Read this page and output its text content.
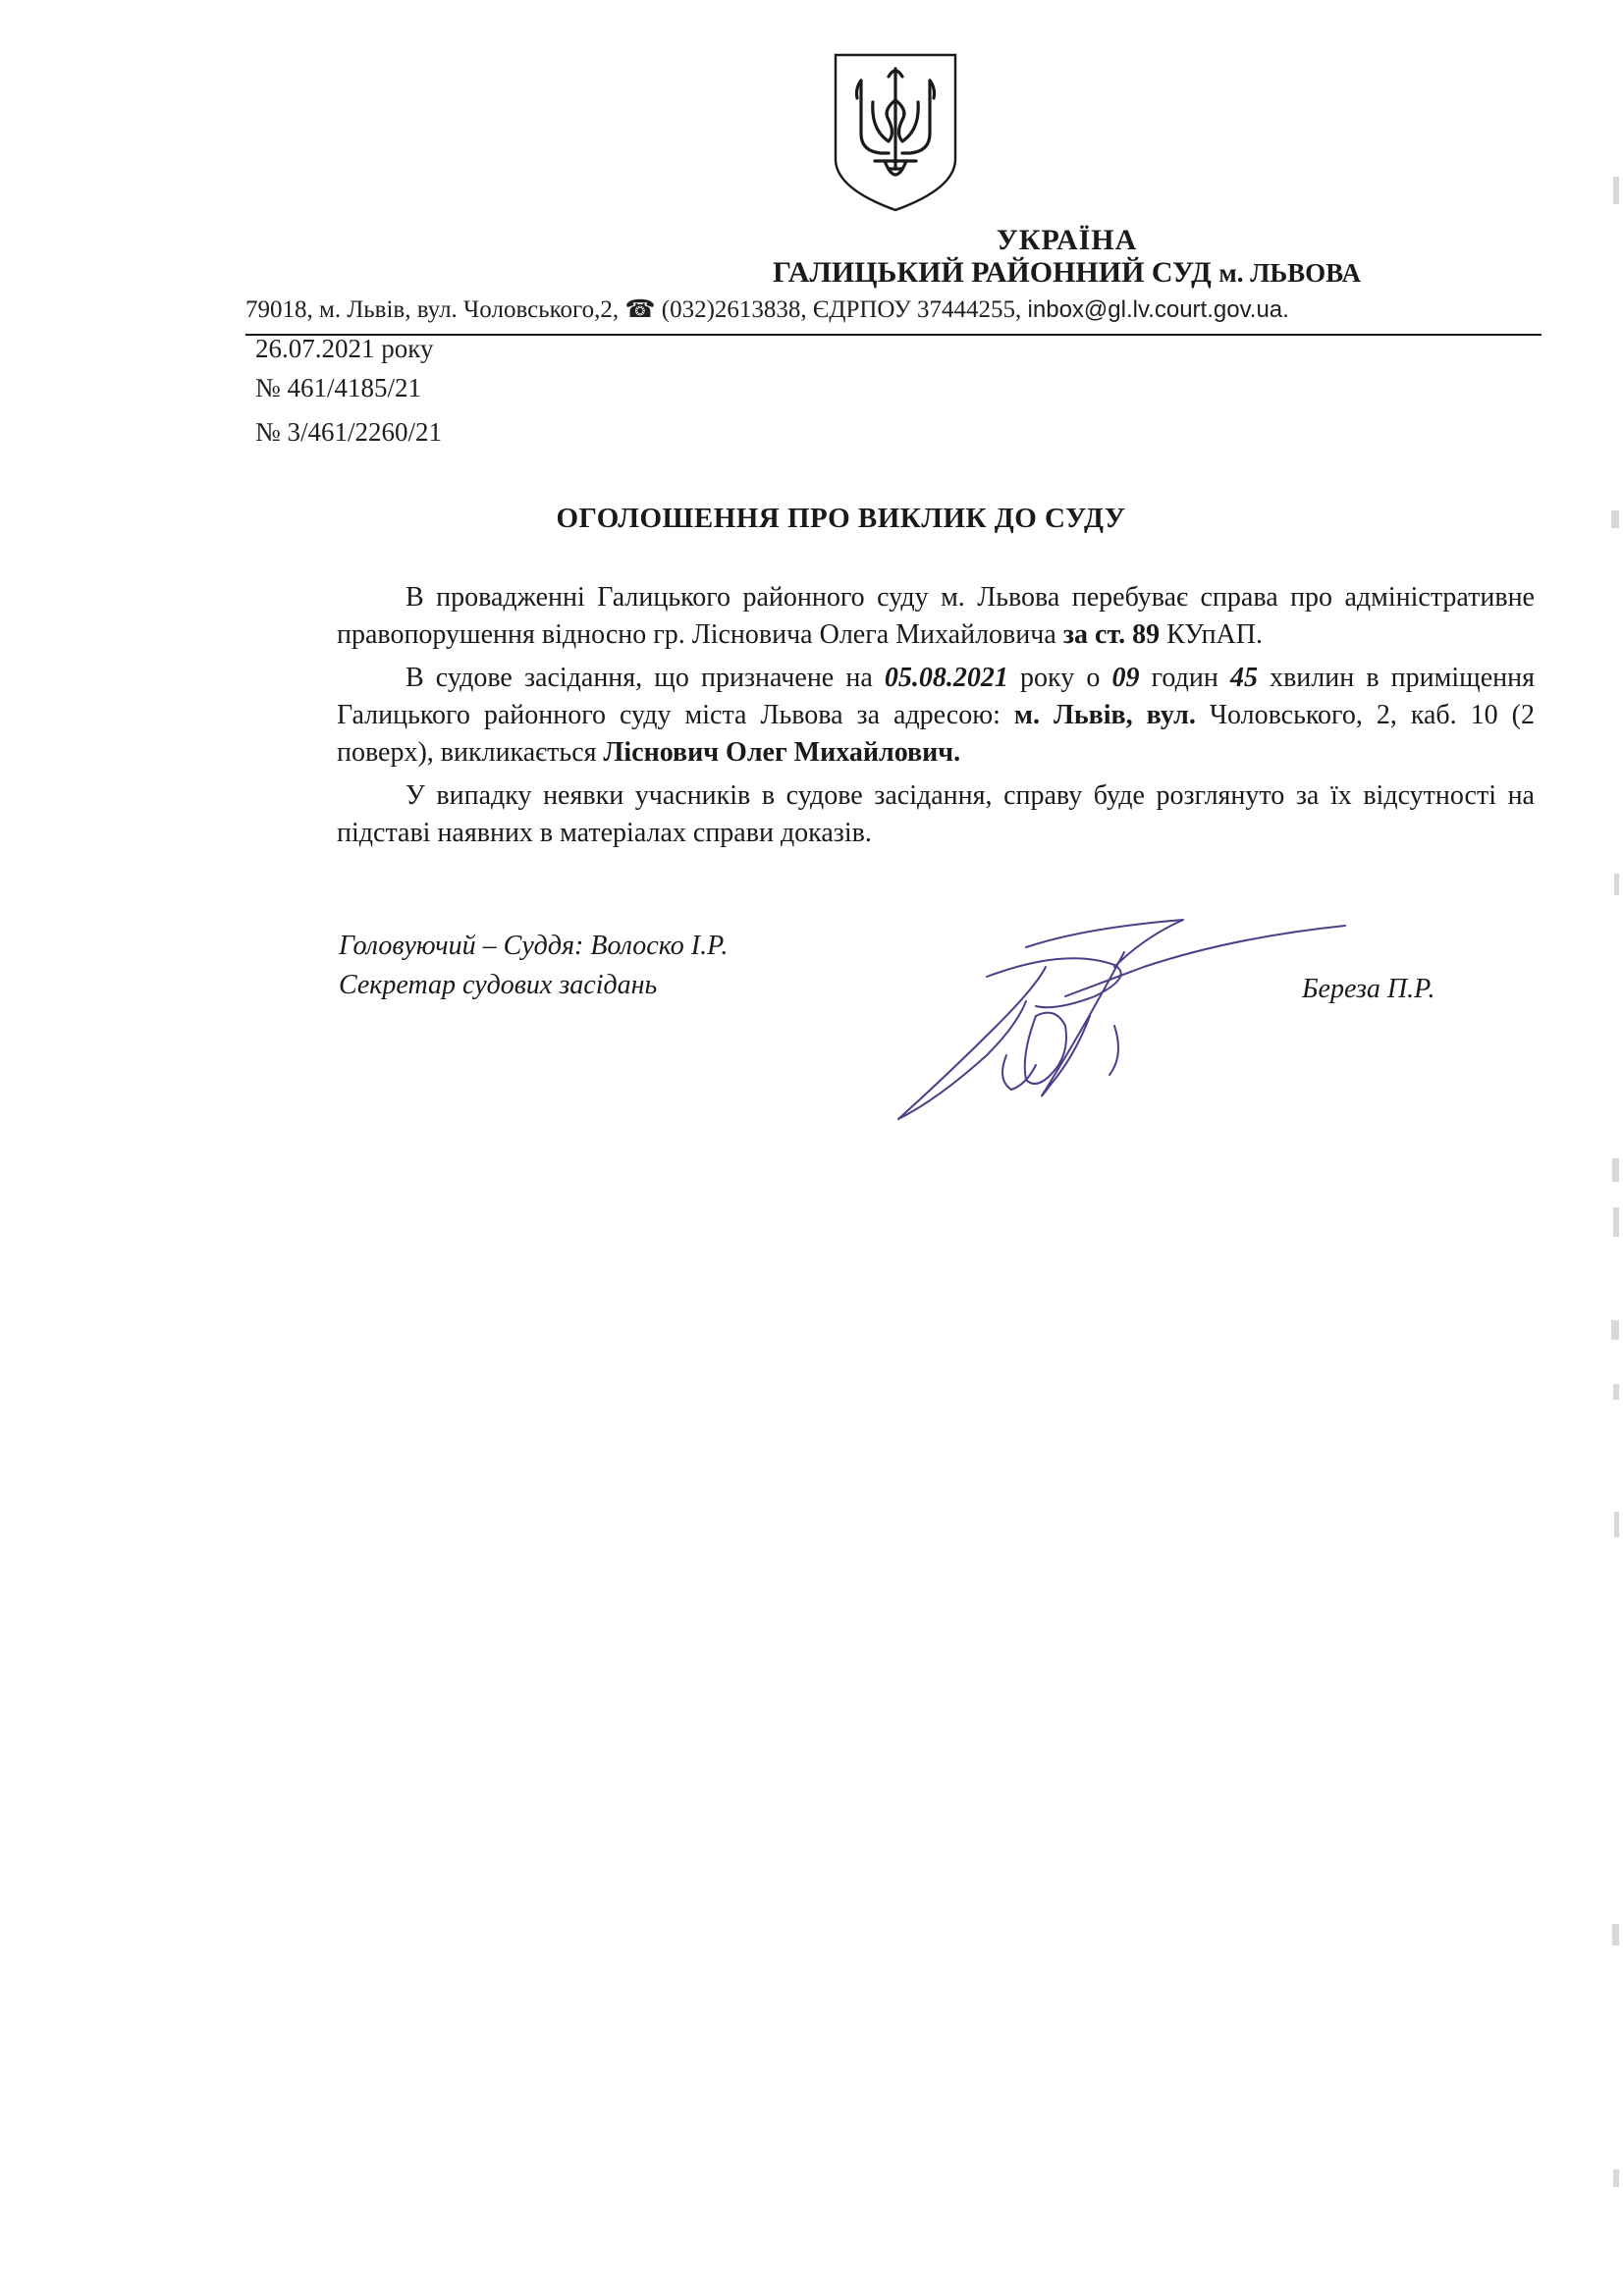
УКРАЇНА
ГАЛИЦЬКИЙ РАЙОННИЙ СУД м. ЛЬВОВА
79018, м. Львів, вул. Чоловського,2, ☎ (032)2613838, ЄДРПОУ 37444255, inbox@gl.lv.court.gov.ua.
26.07.2021 року
№ 461/4185/21
№ 3/461/2260/21
ОГОЛОШЕННЯ ПРО ВИКЛИК ДО СУДУ

В провадженні Галицького районного суду м. Львова перебуває справа про адміністративне правопорушення відносно гр. Лісновича Олега Михайловича за ст. 89 КУпАП.

В судове засідання, що призначене на 05.08.2021 року о 09 годин 45 хвилин в приміщення Галицького районного суду міста Львова за адресою: м. Львів, вул. Чоловського, 2, каб. 10 (2 поверх), викликається Ліснович Олег Михайлович.

У випадку неявки учасників в судове засідання, справу буде розглянуто за їх відсутності на підставі наявних в матеріалах справи доказів.

Головуючий – Суддя: Волоско І.Р.
Секретар судових засідань	Береза П.Р.
